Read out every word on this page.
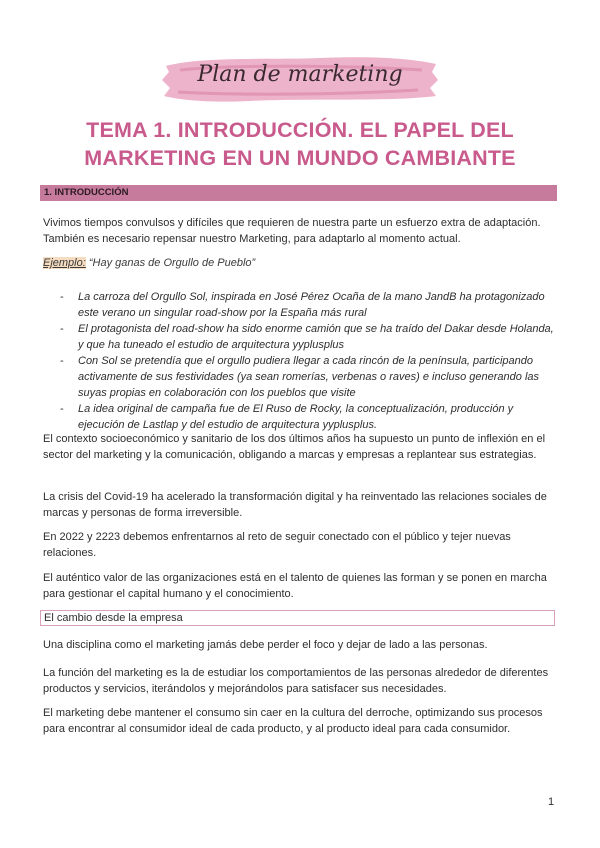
Plan de marketing
TEMA 1. INTRODUCCIÓN. EL PAPEL DEL
MARKETING EN UN MUNDO CAMBIANTE
1. INTRODUCCIÓN
Vivimos tiempos convulsos y difíciles que requieren de nuestra parte un esfuerzo extra de adaptación. También es necesario repensar nuestro Marketing, para adaptarlo al momento actual.
Ejemplo: “Hay ganas de Orgullo de Pueblo”
- La carroza del Orgullo Sol, inspirada en José Pérez Ocaña de la mano JandB ha protagonizado este verano un singular road-show por la España más rural
- El protagonista del road-show ha sido enorme camión que se ha traído del Dakar desde Holanda, y que ha tuneado el estudio de arquitectura yyplusplus
- Con Sol se pretendía que el orgullo pudiera llegar a cada rincón de la península, participando activamente de sus festividades (ya sean romerías, verbenas o raves) e incluso generando las suyas propias en colaboración con los pueblos que visite
- La idea original de campaña fue de El Ruso de Rocky, la conceptualización, producción y ejecución de Lastlap y del estudio de arquitectura yyplusplus.
El contexto socioeconómico y sanitario de los dos últimos años ha supuesto un punto de inflexión en el sector del marketing y la comunicación, obligando a marcas y empresas a replantear sus estrategias.
La crisis del Covid-19 ha acelerado la transformación digital y ha reinventado las relaciones sociales de marcas y personas de forma irreversible.
En 2022 y 2223 debemos enfrentarnos al reto de seguir conectado con el público y tejer nuevas relaciones.
El auténtico valor de las organizaciones está en el talento de quienes las forman y se ponen en marcha para gestionar el capital humano y el conocimiento.
El cambio desde la empresa
Una disciplina como el marketing jamás debe perder el foco y dejar de lado a las personas.
La función del marketing es la de estudiar los comportamientos de las personas alrededor de diferentes productos y servicios, iterándolos y mejorándolos para satisfacer sus necesidades.
El marketing debe mantener el consumo sin caer en la cultura del derroche, optimizando sus procesos para encontrar al consumidor ideal de cada producto, y al producto ideal para cada consumidor.
1
